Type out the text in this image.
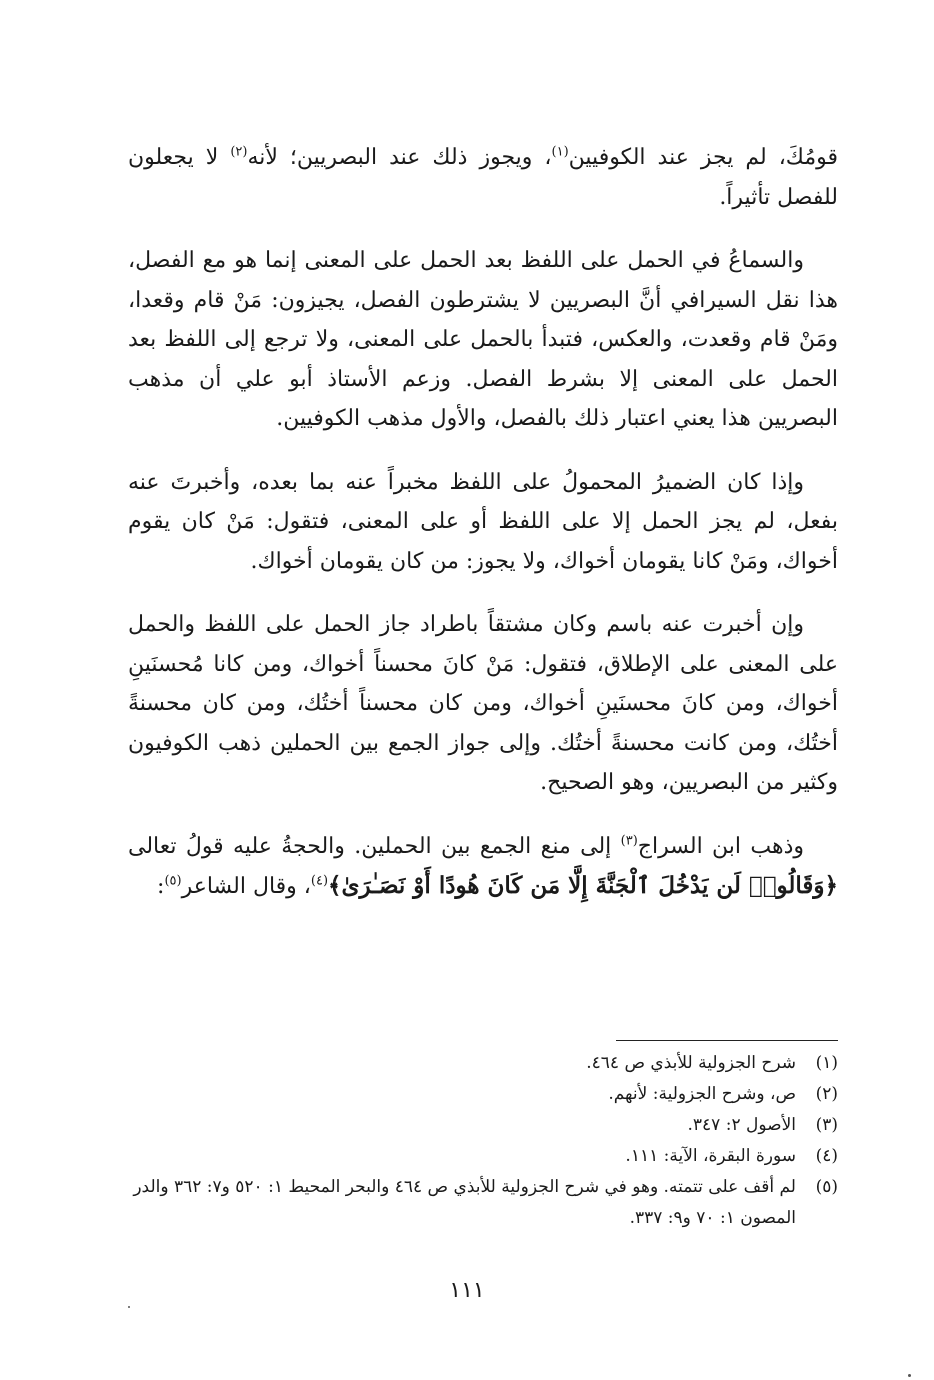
قومُكَ، لم يجز عند الكوفيين$^{(١)}$، ويجوز ذلك عند البصريين؛ لأنه$^{(٢)}$ لا يجعلون للفصل تأثيراً.

والسماعُ في الحمل على اللفظ بعد الحمل على المعنى إنما هو مع الفصل، هذا نقل السيرافي أنَّ البصريين لا يشترطون الفصل، يجيزون: مَنْ قام وقعدا، ومَنْ قام وقعدت، والعكس، فتبدأ بالحمل على المعنى، ولا ترجع إلى اللفظ بعد الحمل على المعنى إلا بشرط الفصل. وزعم الأستاذ أبو علي أن مذهب البصريين هذا يعني اعتبار ذلك بالفصل، والأول مذهب الكوفيين.

وإذا كان الضميرُ المحمولُ على اللفظ مخبراً عنه بما بعده، وأخبرتَ عنه بفعل، لم يجز الحمل إلا على اللفظ أو على المعنى، فتقول: مَنْ كان يقوم أخواك، ومَنْ كانا يقومان أخواك، ولا يجوز: من كان يقومان أخواك.

وإن أخبرت عنه باسم وكان مشتقاً باطراد جاز الحمل على اللفظ والحمل على المعنى على الإطلاق، فتقول: مَنْ كانَ محسناً أخواك، ومن كانا مُحسنَينِ أخواك، ومن كانَ محسنَينِ أخواك، ومن كان محسناً أختُك، ومن كان محسنةً أختُك، ومن كانت محسنةً أختُك. وإلى جواز الجمع بين الحملين ذهب الكوفيون وكثير من البصريين، وهو الصحيح.

وذهب ابن السراج$^{(٣)}$ إلى منع الجمع بين الحملين. والحجةُ عليه قولُ تعالى ﴿وَقَالُوا۟ لَن يَدْخُلَ ٱلْجَنَّةَ إِلَّا مَن كَانَ هُودًا أَوْ نَصَـٰرَىٰ﴾$^{(٤)}$، وقال الشاعر$^{(٥)}$:

(١)
شرح الجزولية للأبذي ص ٤٦٤.
(٢)
ص، وشرح الجزولية: لأنهم.
(٣)
الأصول ٢: ٣٤٧.
(٤)
سورة البقرة، الآية: ١١١.
(٥)
لم أقف على تتمته. وهو في شرح الجزولية للأبذي ص ٤٦٤ والبحر المحيط ١: ٥٢٠ و٧: ٣٦٢ والدر المصون ١: ٧٠ و٩: ٣٣٧.
١١١
